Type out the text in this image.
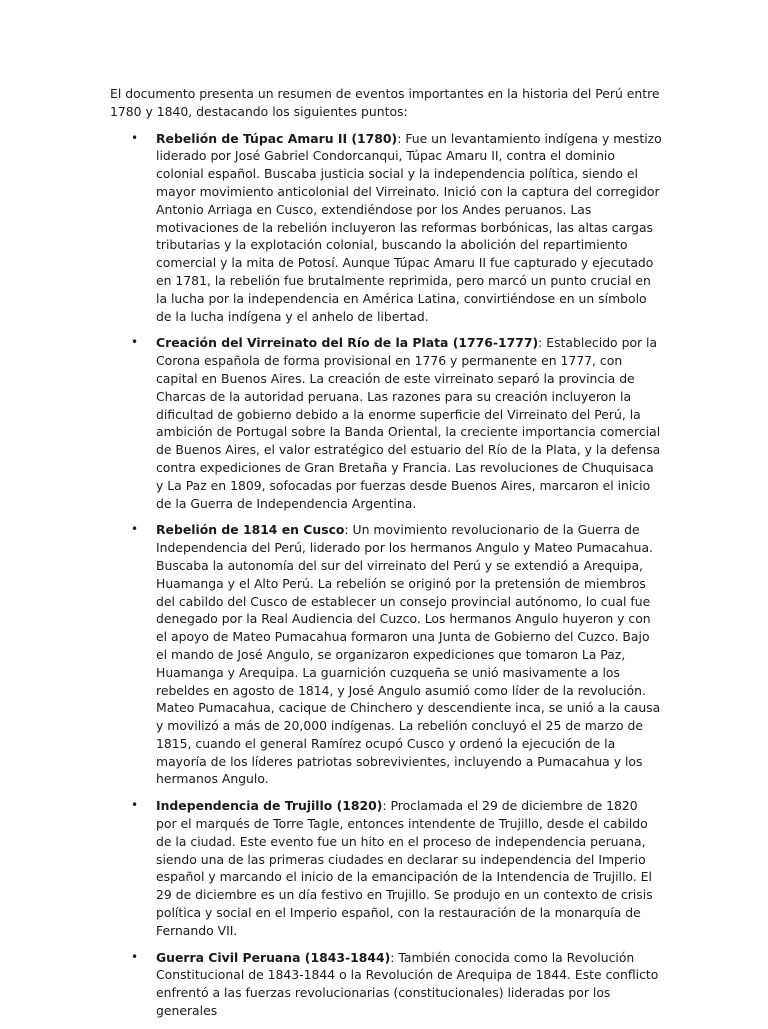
El documento presenta un resumen de eventos importantes en la historia del Perú entre 1780 y 1840, destacando los siguientes puntos:

• Rebelión de Túpac Amaru II (1780): Fue un levantamiento indígena y mestizo liderado por José Gabriel Condorcanqui, Túpac Amaru II, contra el dominio colonial español. Buscaba justicia social y la independencia política, siendo el mayor movimiento anticolonial del Virreinato. Inició con la captura del corregidor Antonio Arriaga en Cusco, extendiéndose por los Andes peruanos. Las motivaciones de la rebelión incluyeron las reformas borbónicas, las altas cargas tributarias y la explotación colonial, buscando la abolición del repartimiento comercial y la mita de Potosí. Aunque Túpac Amaru II fue capturado y ejecutado en 1781, la rebelión fue brutalmente reprimida, pero marcó un punto crucial en la lucha por la independencia en América Latina, convirtiéndose en un símbolo de la lucha indígena y el anhelo de libertad.
• Creación del Virreinato del Río de la Plata (1776-1777): Establecido por la Corona española de forma provisional en 1776 y permanente en 1777, con capital en Buenos Aires. La creación de este virreinato separó la provincia de Charcas de la autoridad peruana. Las razones para su creación incluyeron la dificultad de gobierno debido a la enorme superficie del Virreinato del Perú, la ambición de Portugal sobre la Banda Oriental, la creciente importancia comercial de Buenos Aires, el valor estratégico del estuario del Río de la Plata, y la defensa contra expediciones de Gran Bretaña y Francia. Las revoluciones de Chuquisaca y La Paz en 1809, sofocadas por fuerzas desde Buenos Aires, marcaron el inicio de la Guerra de Independencia Argentina.
• Rebelión de 1814 en Cusco: Un movimiento revolucionario de la Guerra de Independencia del Perú, liderado por los hermanos Angulo y Mateo Pumacahua. Buscaba la autonomía del sur del virreinato del Perú y se extendió a Arequipa, Huamanga y el Alto Perú. La rebelión se originó por la pretensión de miembros del cabildo del Cusco de establecer un consejo provincial autónomo, lo cual fue denegado por la Real Audiencia del Cuzco. Los hermanos Angulo huyeron y con el apoyo de Mateo Pumacahua formaron una Junta de Gobierno del Cuzco. Bajo el mando de José Angulo, se organizaron expediciones que tomaron La Paz, Huamanga y Arequipa. La guarnición cuzqueña se unió masivamente a los rebeldes en agosto de 1814, y José Angulo asumió como líder de la revolución. Mateo Pumacahua, cacique de Chinchero y descendiente inca, se unió a la causa y movilizó a más de 20,000 indígenas. La rebelión concluyó el 25 de marzo de 1815, cuando el general Ramírez ocupó Cusco y ordenó la ejecución de la mayoría de los líderes patriotas sobrevivientes, incluyendo a Pumacahua y los hermanos Angulo.
• Independencia de Trujillo (1820): Proclamada el 29 de diciembre de 1820 por el marqués de Torre Tagle, entonces intendente de Trujillo, desde el cabildo de la ciudad. Este evento fue un hito en el proceso de independencia peruana, siendo una de las primeras ciudades en declarar su independencia del Imperio español y marcando el inicio de la emancipación de la Intendencia de Trujillo. El 29 de diciembre es un día festivo en Trujillo. Se produjo en un contexto de crisis política y social en el Imperio español, con la restauración de la monarquía de Fernando VII.
• Guerra Civil Peruana (1843-1844): También conocida como la Revolución Constitucional de 1843-1844 o la Revolución de Arequipa de 1844. Este conflicto enfrentó a las fuerzas revolucionarias (constitucionales) lideradas por los generales
